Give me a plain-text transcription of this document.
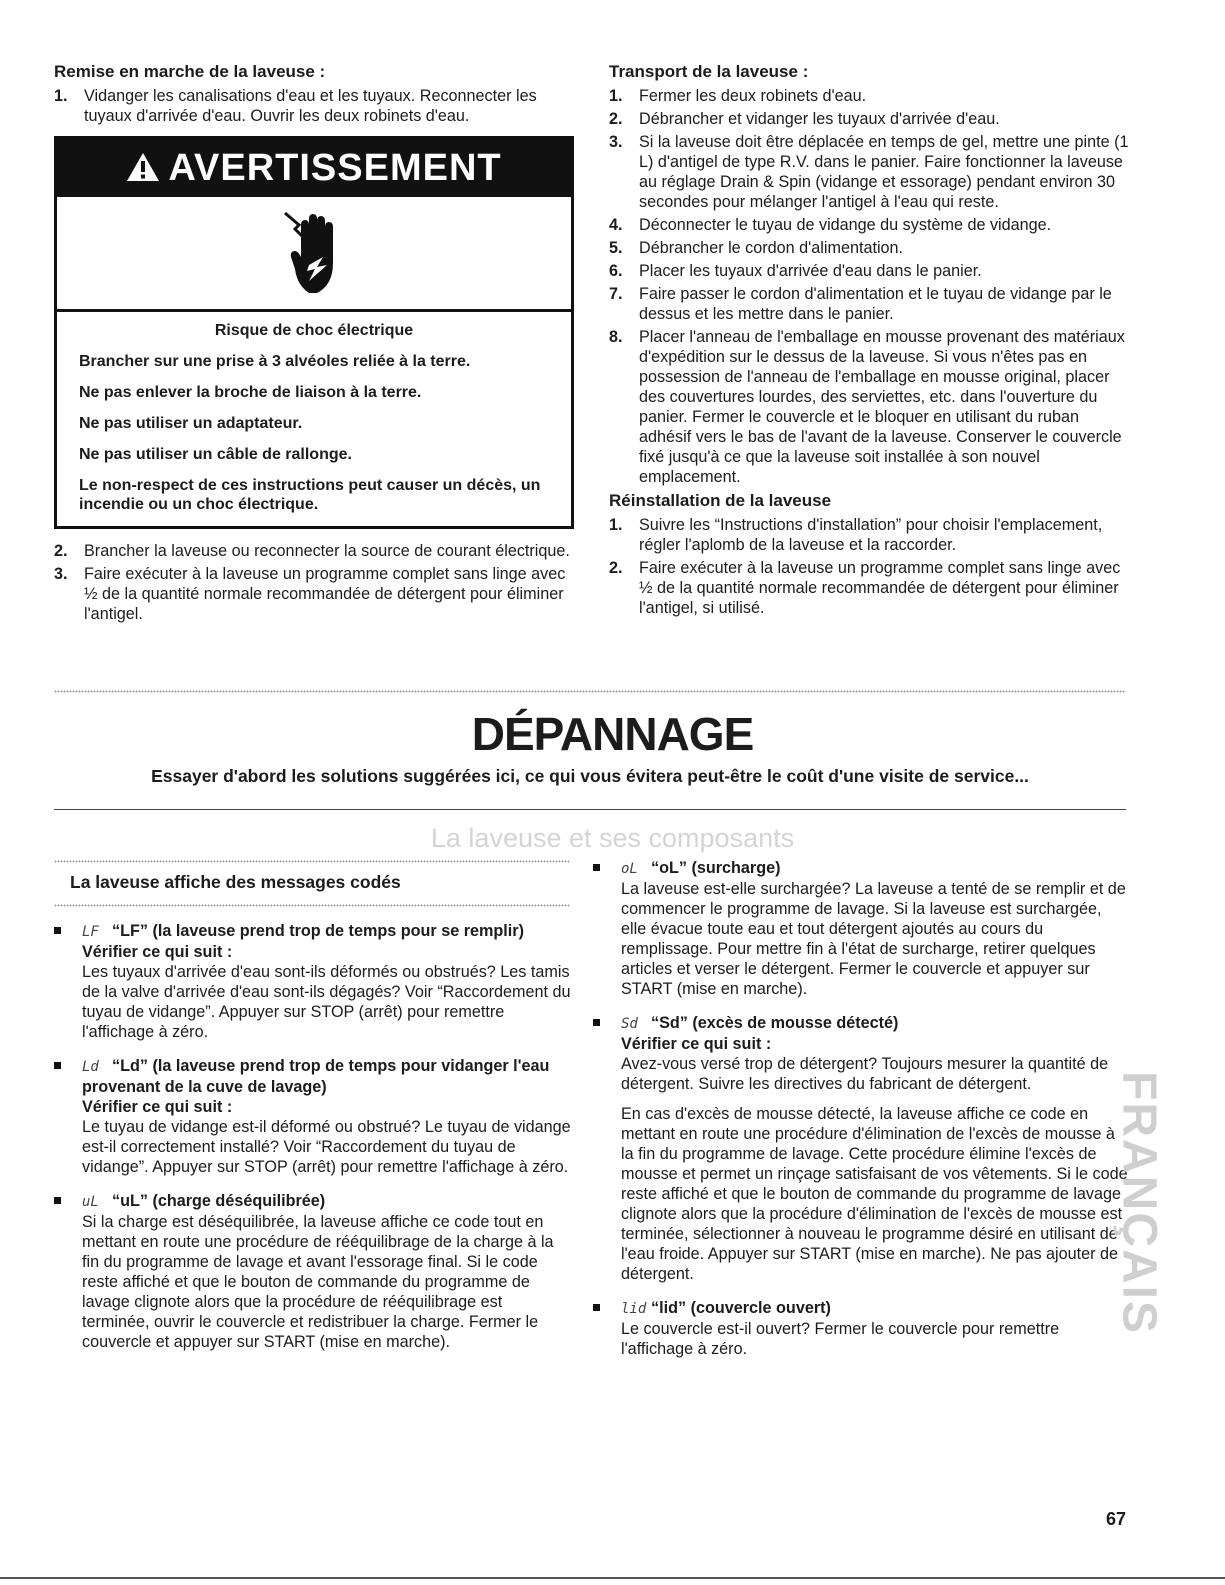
Remise en marche de la laveuse :
1. Vidanger les canalisations d'eau et les tuyaux. Reconnecter les tuyaux d'arrivée d'eau. Ouvrir les deux robinets d'eau.
AVERTISSEMENT
Risque de choc électrique

Brancher sur une prise à 3 alvéoles reliée à la terre.

Ne pas enlever la broche de liaison à la terre.

Ne pas utiliser un adaptateur.

Ne pas utiliser un câble de rallonge.

Le non-respect de ces instructions peut causer un décès, un incendie ou un choc électrique.

2. Brancher la laveuse ou reconnecter la source de courant électrique.
3. Faire exécuter à la laveuse un programme complet sans linge avec ½ de la quantité normale recommandée de détergent pour éliminer l'antigel.
Transport de la laveuse :
1. Fermer les deux robinets d'eau.
2. Débrancher et vidanger les tuyaux d'arrivée d'eau.
3. Si la laveuse doit être déplacée en temps de gel, mettre une pinte (1 L) d'antigel de type R.V. dans le panier. Faire fonctionner la laveuse au réglage Drain & Spin (vidange et essorage) pendant environ 30 secondes pour mélanger l'antigel à l'eau qui reste.
4. Déconnecter le tuyau de vidange du système de vidange.
5. Débrancher le cordon d'alimentation.
6. Placer les tuyaux d'arrivée d'eau dans le panier.
7. Faire passer le cordon d'alimentation et le tuyau de vidange par le dessus et les mettre dans le panier.
8. Placer l'anneau de l'emballage en mousse provenant des matériaux d'expédition sur le dessus de la laveuse. Si vous n'êtes pas en possession de l'anneau de l'emballage en mousse original, placer des couvertures lourdes, des serviettes, etc. dans l'ouverture du panier. Fermer le couvercle et le bloquer en utilisant du ruban adhésif vers le bas de l'avant de la laveuse. Conserver le couvercle fixé jusqu'à ce que la laveuse soit installée à son nouvel emplacement.
Réinstallation de la laveuse
1. Suivre les “Instructions d'installation” pour choisir l'emplacement, régler l'aplomb de la laveuse et la raccorder.
2. Faire exécuter à la laveuse un programme complet sans linge avec ½ de la quantité normale recommandée de détergent pour éliminer l'antigel, si utilisé.
DÉPANNAGE
Essayer d'abord les solutions suggérées ici, ce qui vous évitera peut-être le coût d'une visite de service...
La laveuse et ses composants
La laveuse affiche des messages codés

LF “LF” (la laveuse prend trop de temps pour se remplir)

Vérifier ce qui suit :

Les tuyaux d'arrivée d'eau sont-ils déformés ou obstrués? Les tamis de la valve d'arrivée d'eau sont-ils dégagés? Voir “Raccordement du tuyau de vidange”. Appuyer sur STOP (arrêt) pour remettre l'affichage à zéro.

Ld “Ld” (la laveuse prend trop de temps pour vidanger l'eau provenant de la cuve de lavage)

Vérifier ce qui suit :

Le tuyau de vidange est-il déformé ou obstrué? Le tuyau de vidange est-il correctement installé? Voir “Raccordement du tuyau de vidange”. Appuyer sur STOP (arrêt) pour remettre l'affichage à zéro.

uL “uL” (charge déséquilibrée)

Si la charge est déséquilibrée, la laveuse affiche ce code tout en mettant en route une procédure de rééquilibrage de la charge à la fin du programme de lavage et avant l'essorage final. Si le code reste affiché et que le bouton de commande du programme de lavage clignote alors que la procédure de rééquilibrage est terminée, ouvrir le couvercle et redistribuer la charge. Fermer le couvercle et appuyer sur START (mise en marche).

oL “oL” (surcharge)

La laveuse est-elle surchargée? La laveuse a tenté de se remplir et de commencer le programme de lavage. Si la laveuse est surchargée, elle évacue toute eau et tout détergent ajoutés au cours du remplissage. Pour mettre fin à l'état de surcharge, retirer quelques articles et verser le détergent. Fermer le couvercle et appuyer sur START (mise en marche).

Sd “Sd” (excès de mousse détecté)

Vérifier ce qui suit :

Avez-vous versé trop de détergent? Toujours mesurer la quantité de détergent. Suivre les directives du fabricant de détergent.

En cas d'excès de mousse détecté, la laveuse affiche ce code en mettant en route une procédure d'élimination de l'excès de mousse à la fin du programme de lavage. Cette procédure élimine l'excès de mousse et permet un rinçage satisfaisant de vos vêtements. Si le code reste affiché et que le bouton de commande du programme de lavage clignote alors que la procédure d'élimination de l'excès de mousse est terminée, sélectionner à nouveau le programme désiré en utilisant de l'eau froide. Appuyer sur START (mise en marche). Ne pas ajouter de détergent.

lid “lid” (couvercle ouvert)

Le couvercle est-il ouvert? Fermer le couvercle pour remettre l'affichage à zéro.

FRANÇAIS
67
